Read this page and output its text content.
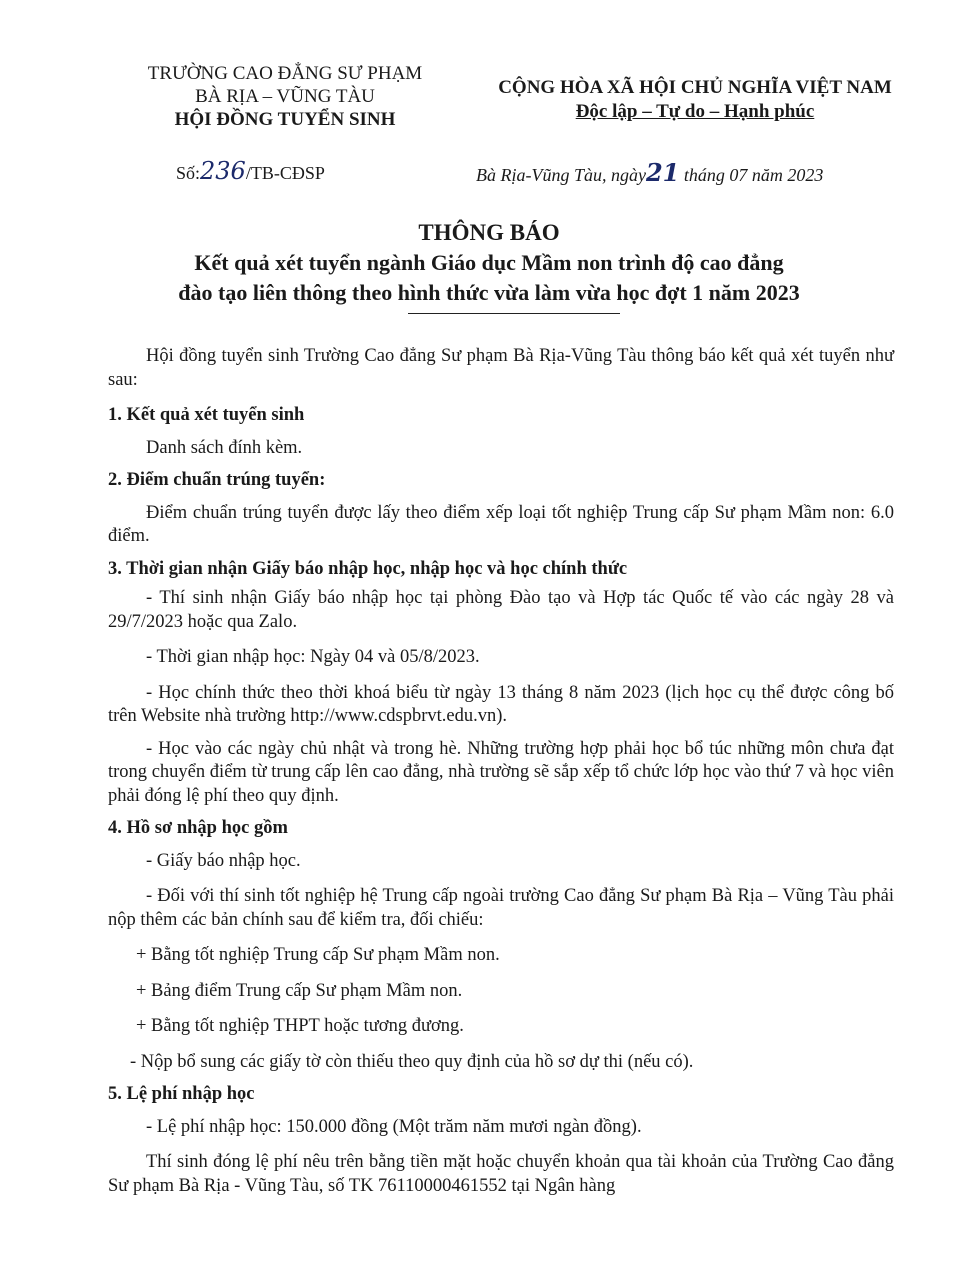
TRƯỜNG CAO ĐẲNG SƯ PHẠM
BÀ RỊA – VŨNG TÀU
HỘI ĐỒNG TUYỂN SINH
CỘNG HÒA XÃ HỘI CHỦ NGHĨA VIỆT NAM
Độc lập – Tự do – Hạnh phúc
Số:236/TB-CĐSP	Bà Rịa-Vũng Tàu, ngày21 tháng 07 năm 2023
THÔNG BÁO
Kết quả xét tuyển ngành Giáo dục Mầm non trình độ cao đẳng
đào tạo liên thông theo hình thức vừa làm vừa học đợt 1 năm 2023

Hội đồng tuyển sinh Trường Cao đẳng Sư phạm Bà Rịa-Vũng Tàu thông báo kết quả xét tuyển như sau:

1. Kết quả xét tuyển sinh

Danh sách đính kèm.

2. Điểm chuẩn trúng tuyển:

Điểm chuẩn trúng tuyển được lấy theo điểm xếp loại tốt nghiệp Trung cấp Sư phạm Mầm non: 6.0 điểm.

3. Thời gian nhận Giấy báo nhập học, nhập học và học chính thức

- Thí sinh nhận Giấy báo nhập học tại phòng Đào tạo và Hợp tác Quốc tế vào các ngày 28 và 29/7/2023 hoặc qua Zalo.

- Thời gian nhập học: Ngày 04 và 05/8/2023.

- Học chính thức theo thời khoá biểu từ ngày 13 tháng 8 năm 2023 (lịch học cụ thể được công bố trên Website nhà trường http://www.cdspbrvt.edu.vn).

- Học vào các ngày chủ nhật và trong hè. Những trường hợp phải học bổ túc những môn chưa đạt trong chuyển điểm từ trung cấp lên cao đẳng, nhà trường sẽ sắp xếp tổ chức lớp học vào thứ 7 và học viên phải đóng lệ phí theo quy định.

4. Hồ sơ nhập học gồm

- Giấy báo nhập học.

- Đối với thí sinh tốt nghiệp hệ Trung cấp ngoài trường Cao đẳng Sư phạm Bà Rịa – Vũng Tàu phải nộp thêm các bản chính sau để kiểm tra, đối chiếu:

+ Bằng tốt nghiệp Trung cấp Sư phạm Mầm non.

+ Bảng điểm Trung cấp Sư phạm Mầm non.

+ Bằng tốt nghiệp THPT hoặc tương đương.

- Nộp bổ sung các giấy tờ còn thiếu theo quy định của hồ sơ dự thi (nếu có).

5. Lệ phí nhập học

- Lệ phí nhập học: 150.000 đồng (Một trăm năm mươi ngàn đồng).

Thí sinh đóng lệ phí nêu trên bằng tiền mặt hoặc chuyển khoản qua tài khoản của Trường Cao đẳng Sư phạm Bà Rịa - Vũng Tàu, số TK 76110000461552 tại Ngân hàng
